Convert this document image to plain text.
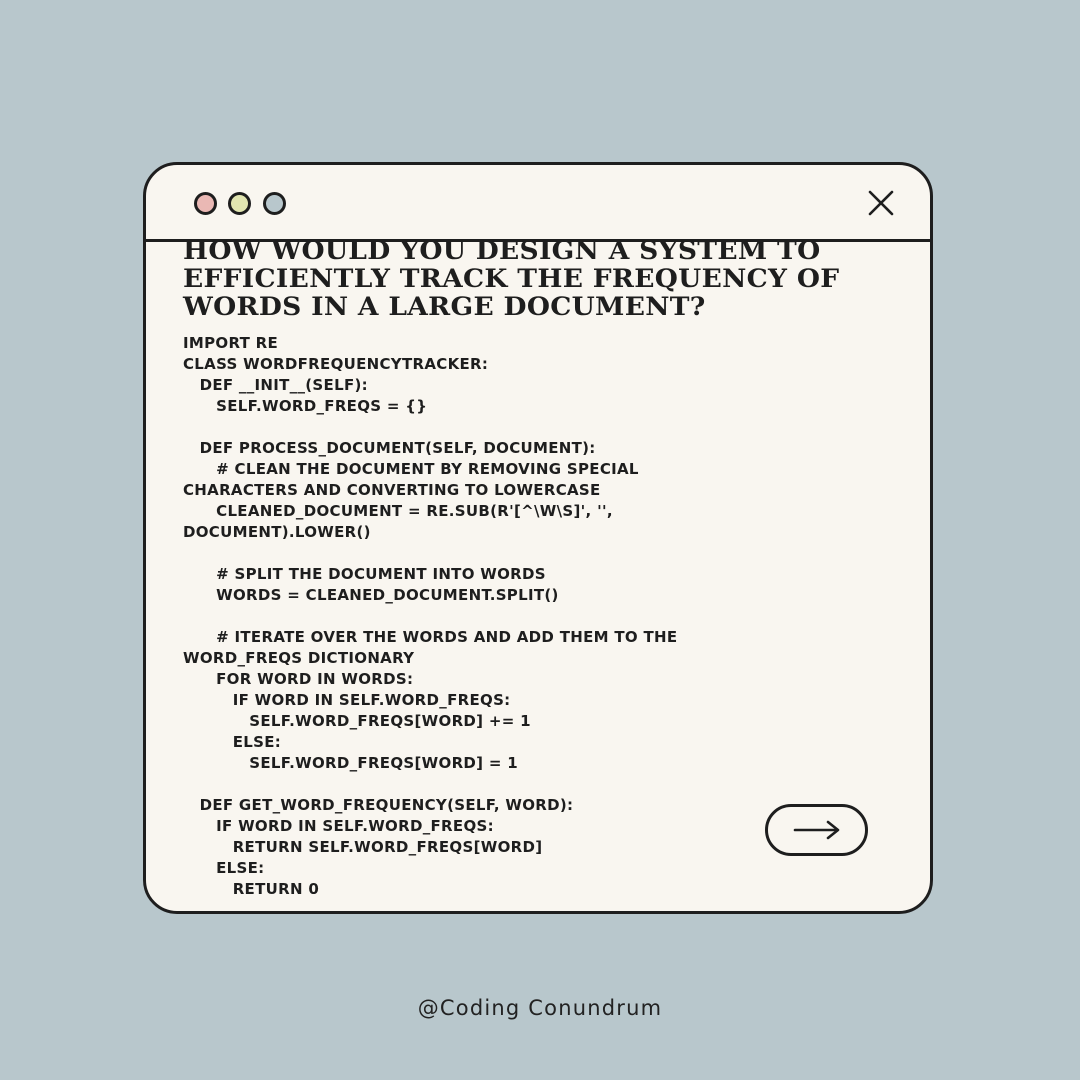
HOW WOULD YOU DESIGN A SYSTEM TO EFFICIENTLY TRACK THE FREQUENCY OF WORDS IN A LARGE DOCUMENT?
IMPORT RE
CLASS WORDFREQUENCYTRACKER:
DEF __INIT__(SELF):
SELF.WORD_FREQS = {}
DEF PROCESS_DOCUMENT(SELF, DOCUMENT):
# CLEAN THE DOCUMENT BY REMOVING SPECIAL
CHARACTERS AND CONVERTING TO LOWERCASE
CLEANED_DOCUMENT = RE.SUB(R'[^\W\S]', '',
DOCUMENT).LOWER()
# SPLIT THE DOCUMENT INTO WORDS
WORDS = CLEANED_DOCUMENT.SPLIT()
# ITERATE OVER THE WORDS AND ADD THEM TO THE
WORD_FREQS DICTIONARY
FOR WORD IN WORDS:
IF WORD IN SELF.WORD_FREQS:
SELF.WORD_FREQS[WORD] += 1
ELSE:
SELF.WORD_FREQS[WORD] = 1
DEF GET_WORD_FREQUENCY(SELF, WORD):
IF WORD IN SELF.WORD_FREQS:
RETURN SELF.WORD_FREQS[WORD]
ELSE:
RETURN 0
@Coding Conundrum
